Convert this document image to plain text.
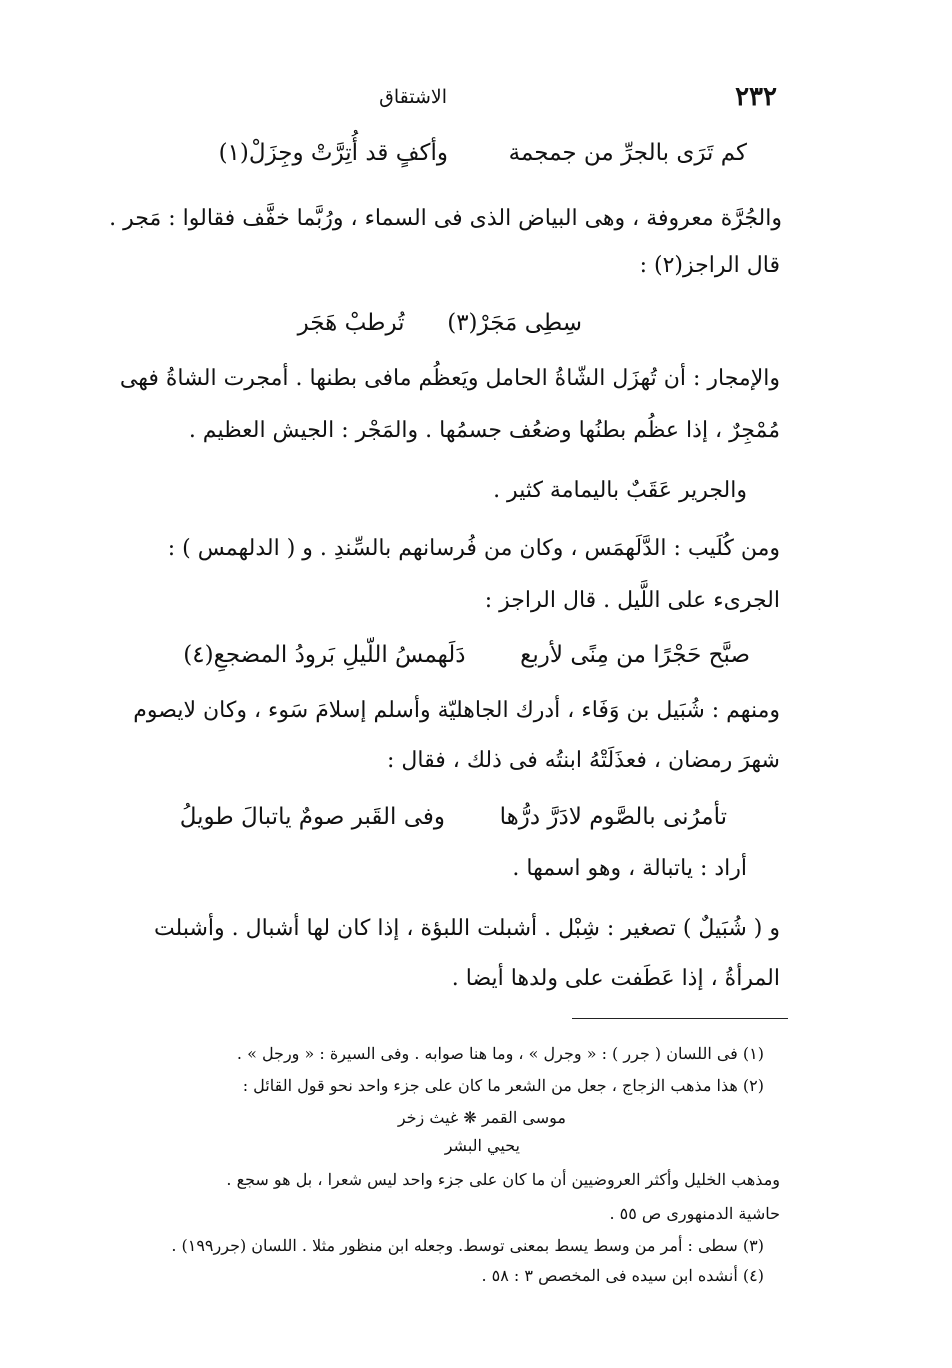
٢٣٢
الاشتقاق
كم تَرَى بالجرِّ من جمجمة  وأكفٍ قد أُتِرَّتْ وجِزَلْ(١)
والجُرَّة معروفة ، وهى البياض الذى فى السماء ، ورُبَّما خفَّف فقالوا : مَجر .
قال الراجز(٢) :
سِطِى مَجَرْ(٣)  تُرطبْ هَجَر
والإمجار : أن تُهزَل الشّاةُ الحامل ويَعظُم مافى بطنها . أمجرت الشاةُ فهى
مُمْجِرٌ ، إذا عظُم بطنُها وضعُف جسمُها . والمَجْر : الجيش العظيم .
والجرير عَقَبٌ باليمامة كثير .
ومن كُلَيب : الدَّلَهمَس ، وكان من فُرسانهم بالسِّندِ . و ( الدلهمس ) :
الجرىء على اللَّيل . قال الراجز :
صبَّح حَجْرًا من مِنًى لأربع  دَلَهمسُ اللّيلِ بَرودُ المضجعِ(٤)
ومنهم : شُبَيل بن وَفَاء ، أدرك الجاهليّة وأسلم إسلامَ سَوء ، وكان لايصوم
شهرَ رمضان ، فعذَلَتْهُ ابنتُه فى ذلك ، فقال :
تأمرُنى بالصَّوم لادَرَّ درُّها  وفى القَبر صومٌ ياتبالَ طويلُ
أراد : ياتبالة ، وهو اسمها .
و ( شُبَيلٌ ) تصغير : شِبْل . أشبلت اللبؤة ، إذا كان لها أشبال . وأشبلت
المرأةُ ، إذا عَطَفت على ولدها أيضا .
(١) فى اللسان ( جرر ) : « وجرل » ، وما هنا صوابه . وفى السيرة : « ورجل » .
(٢) هذا مذهب الزجاج ، جعل من الشعر ما كان على جزء واحد نحو قول القائل :
موسى القمر ❋ غيث زخر
يحيي البشر
ومذهب الخليل وأكثر العروضيين أن ما كان على جزء واحد ليس شعرا ، بل هو سجع .
حاشية الدمنهورى ص ٥٥ .
(٣) سطى : أمر من وسط يسط بمعنى توسط. وجعله ابن منظور مثلا . اللسان (جرر١٩٩) .
(٤) أنشده ابن سيده فى المخصص ٣ : ٥٨ .
